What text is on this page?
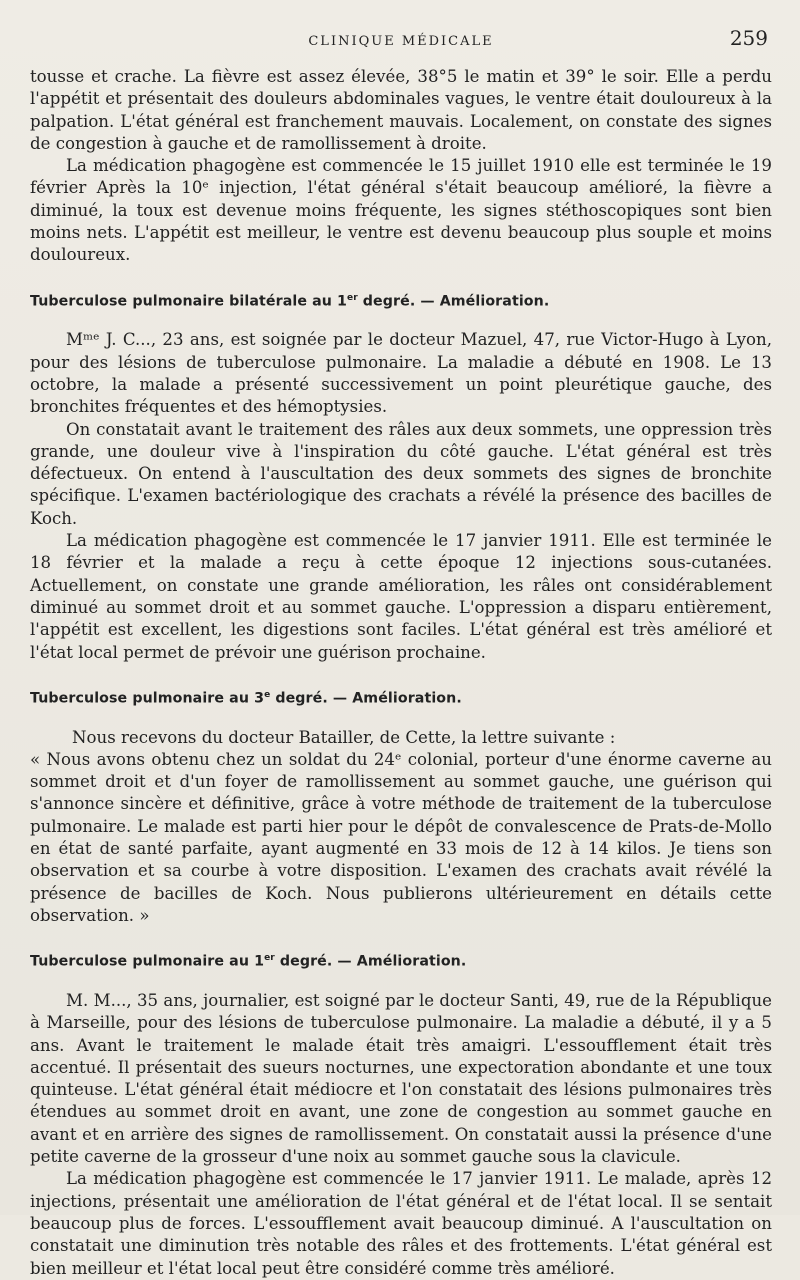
CLINIQUE MÉDICALE	259

tousse et crache. La fièvre est assez élevée, 38°5 le matin et 39° le soir. Elle a perdu l'appétit et présentait des douleurs abdominales vagues, le ventre était douloureux à la palpation. L'état général est franchement mauvais. Localement, on constate des signes de congestion à gauche et de ramollissement à droite.

La médication phagogène est commencée le 15 juillet 1910 elle est terminée le 19 février Après la 10ᵉ injection, l'état général s'était beaucoup amélioré, la fièvre a diminué, la toux est devenue moins fréquente, les signes stéthoscopiques sont bien moins nets. L'appétit est meilleur, le ventre est devenu beaucoup plus souple et moins douloureux.

Tuberculose pulmonaire bilatérale au 1er degré. — Amélioration.

Mᵐᵉ J. C..., 23 ans, est soignée par le docteur Mazuel, 47, rue Victor-Hugo à Lyon, pour des lésions de tuberculose pulmonaire. La maladie a débuté en 1908. Le 13 octobre, la malade a présenté successivement un point pleurétique gauche, des bronchites fréquentes et des hémoptysies.

On constatait avant le traitement des râles aux deux sommets, une oppression très grande, une douleur vive à l'inspiration du côté gauche. L'état général est très défectueux. On entend à l'auscultation des deux sommets des signes de bronchite spécifique. L'examen bactériologique des crachats a révélé la présence des bacilles de Koch.

La médication phagogène est commencée le 17 janvier 1911. Elle est terminée le 18 février et la malade a reçu à cette époque 12 injections sous-cutanées. Actuellement, on constate une grande amélioration, les râles ont considérablement diminué au sommet droit et au sommet gauche. L'oppression a disparu entièrement, l'appétit est excellent, les digestions sont faciles. L'état général est très amélioré et l'état local permet de prévoir une guérison prochaine.

Tuberculose pulmonaire au 3e degré. — Amélioration.

Nous recevons du docteur Batailler, de Cette, la lettre suivante :

« Nous avons obtenu chez un soldat du 24ᵉ colonial, porteur d'une énorme caverne au sommet droit et d'un foyer de ramollissement au sommet gauche, une guérison qui s'annonce sincère et définitive, grâce à votre méthode de traitement de la tuberculose pulmonaire. Le malade est parti hier pour le dépôt de convalescence de Prats-de-Mollo en état de santé parfaite, ayant augmenté en 33 mois de 12 à 14 kilos. Je tiens son observation et sa courbe à votre disposition. L'examen des crachats avait révélé la présence de bacilles de Koch. Nous publierons ultérieurement en détails cette observation. »

Tuberculose pulmonaire au 1er degré. — Amélioration.

M. M..., 35 ans, journalier, est soigné par le docteur Santi, 49, rue de la République à Marseille, pour des lésions de tuberculose pulmonaire. La maladie a débuté, il y a 5 ans. Avant le traitement le malade était très amaigri. L'essoufflement était très accentué. Il présentait des sueurs nocturnes, une expectoration abondante et une toux quinteuse. L'état général était médiocre et l'on constatait des lésions pulmonaires très étendues au sommet droit en avant, une zone de congestion au sommet gauche en avant et en arrière des signes de ramollissement. On constatait aussi la présence d'une petite caverne de la grosseur d'une noix au sommet gauche sous la clavicule.

La médication phagogène est commencée le 17 janvier 1911. Le malade, après 12 injections, présentait une amélioration de l'état général et de l'état local. Il se sentait beaucoup plus de forces. L'essoufflement avait beaucoup diminué. A l'auscultation on constatait une diminution très notable des râles et des frottements. L'état général est bien meilleur et l'état local peut être considéré comme très amélioré.
